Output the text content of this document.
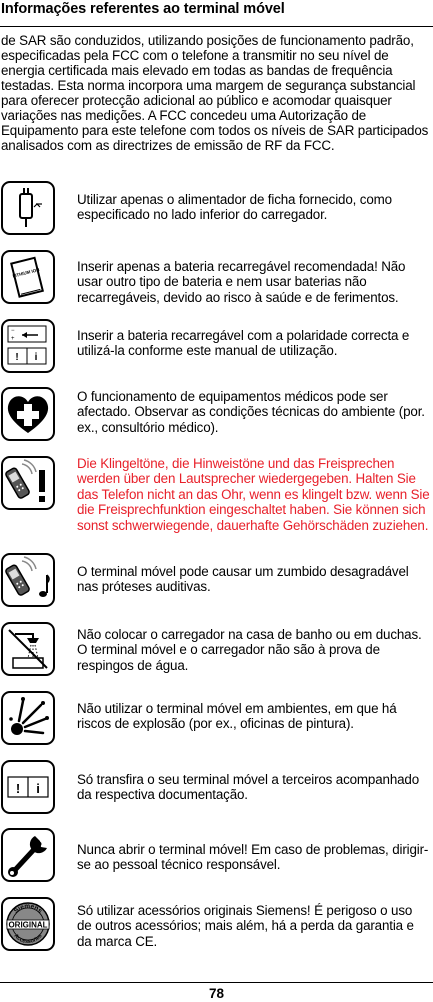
Informações referentes ao terminal móvel

de SAR são conduzidos, utilizando posições de funcionamento padrão, especificadas pela FCC com o telefone a transmitir no seu nível de energia certificada mais elevado em todas as bandas de frequência testadas. Esta norma incorpora uma margem de segurança substancial para oferecer protecção adicional ao público e acomodar quaisquer variações nas medições. A FCC concedeu uma Autorização de Equipamento para este telefone com todos os níveis de SAR participados analisados com as directrizes de emissão de RF da FCC.

Utilizar apenas o alimentador de ficha fornecido, como especificado no lado inferior do carregador.

LITHIUM ION	Inserir apenas a bateria recarregável recomendada! Não usar outro tipo de bateria e nem usar baterias não recarregáveis, devido ao risco à saúde e de ferimentos.

−
+
! i

Inserir a bateria recarregável com a polaridade correcta e utilizá-la conforme este manual de utilização.

O funcionamento de equipamentos médicos pode ser afectado. Observar as condições técnicas do ambiente (por. ex., consultório médico).

Die Klingeltöne, die Hinweistöne und das Freisprechen werden über den Lautsprecher wiedergegeben. Halten Sie das Telefon nicht an das Ohr, wenn es klingelt bzw. wenn Sie die Freisprechfunktion eingeschaltet haben. Sie können sich sonst schwerwiegende, dauerhafte Gehörschäden zuziehen.

O terminal móvel pode causar um zumbido desagradável nas próteses auditivas.

Não colocar o carregador na casa de banho ou em duchas. O terminal móvel e o carregador não são à prova de respingos de água.

Não utilizar o terminal móvel em ambientes, em que há riscos de explosão (por ex., oficinas de pintura).

! i

Só transfira o seu terminal móvel a terceiros acompanhado da respectiva documentação.

Nunca abrir o terminal móvel! Em caso de problemas, dirigir-se ao pessoal técnico responsável.

Siemens
Accessories
ORIGINAL

Só utilizar acessórios originais Siemens! É perigoso o uso de outros acessórios; mais além, há a perda da garantia e da marca CE.

78
